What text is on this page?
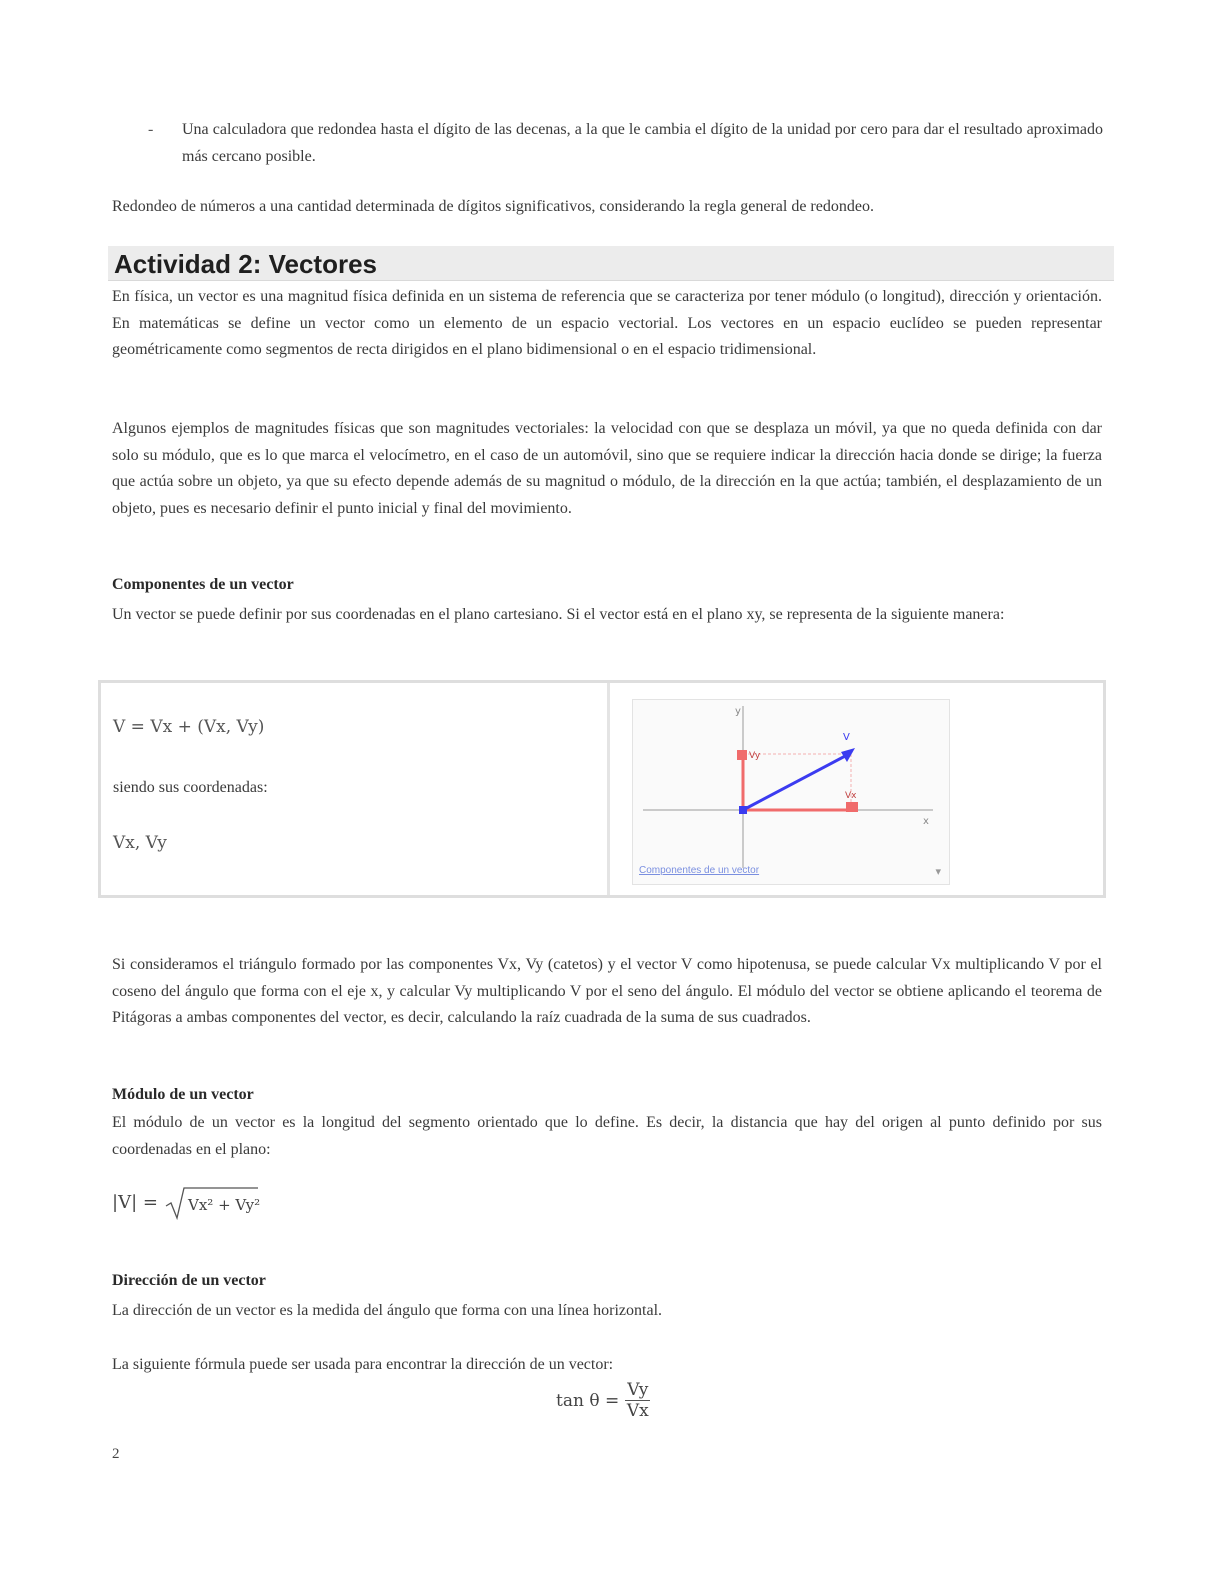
-	Una calculadora que redondea hasta el dígito de las decenas, a la que le cambia el dígito de la unidad por cero para dar el resultado aproximado más cercano posible.

Redondeo de números a una cantidad determinada de dígitos significativos, considerando la regla general de redondeo.

Actividad 2: Vectores

En física, un vector es una magnitud física definida en un sistema de referencia que se caracteriza por tener módulo (o longitud), dirección y orientación. En matemáticas se define un vector como un elemento de un espacio vectorial. Los vectores en un espacio euclídeo se pueden representar geométricamente como segmentos de recta dirigidos en el plano bidimensional o en el espacio tridimensional.

Algunos ejemplos de magnitudes físicas que son magnitudes vectoriales: la velocidad con que se desplaza un móvil, ya que no queda definida con dar solo su módulo, que es lo que marca el velocímetro, en el caso de un automóvil, sino que se requiere indicar la dirección hacia donde se dirige; la fuerza que actúa sobre un objeto, ya que su efecto depende además de su magnitud o módulo, de la dirección en la que actúa; también, el desplazamiento de un objeto, pues es necesario definir el punto inicial y final del movimiento.

Componentes de un vector

Un vector se puede definir por sus coordenadas en el plano cartesiano. Si el vector está en el plano xy, se representa de la siguiente manera:

V = Vx + (Vx, Vy)
siendo sus coordenadas:
Vx, Vy
x
y
Vx
Vy
V
Componentes de un vector	▾

Si consideramos el triángulo formado por las componentes Vx, Vy (catetos) y el vector V como hipotenusa, se puede calcular Vx multiplicando V por el coseno del ángulo que forma con el eje x, y calcular Vy multiplicando V por el seno del ángulo. El módulo del vector se obtiene aplicando el teorema de Pitágoras a ambas componentes del vector, es decir, calculando la raíz cuadrada de la suma de sus cuadrados.

Módulo de un vector

El módulo de un vector es la longitud del segmento orientado que lo define. Es decir, la distancia que hay del origen al punto definido por sus coordenadas en el plano:

|V| = Vx² + Vy²
Dirección de un vector

La dirección de un vector es la medida del ángulo que forma con una línea horizontal.

La siguiente fórmula puede ser usada para encontrar la dirección de un vector:

$\tan \theta = \frac{Vy}{Vx}$
2
